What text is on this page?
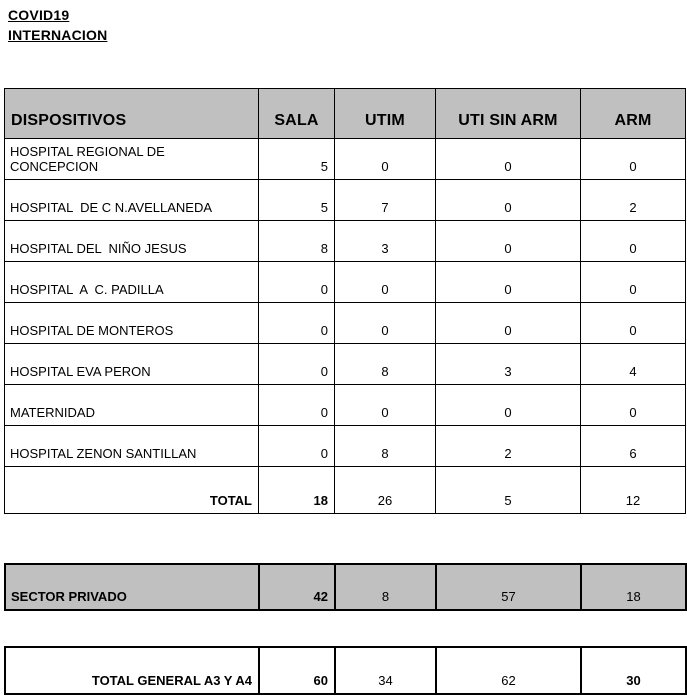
COVID19
INTERNACION
DISPOSITIVOS	SALA	UTIM	UTI SIN ARM	ARM
HOSPITAL REGIONAL DE CONCEPCION	5	0	0	0
HOSPITAL  DE C N.AVELLANEDA	5	7	0	2
HOSPITAL DEL  NIÑO JESUS	8	3	0	0
HOSPITAL  A  C. PADILLA	0	0	0	0
HOSPITAL DE MONTEROS	0	0	0	0
HOSPITAL EVA PERON	0	8	3	4
MATERNIDAD	0	0	0	0
HOSPITAL ZENON SANTILLAN	0	8	2	6
TOTAL	18	26	5	12
SECTOR PRIVADO	42	8	57	18
TOTAL GENERAL A3 Y A4	60	34	62	30
